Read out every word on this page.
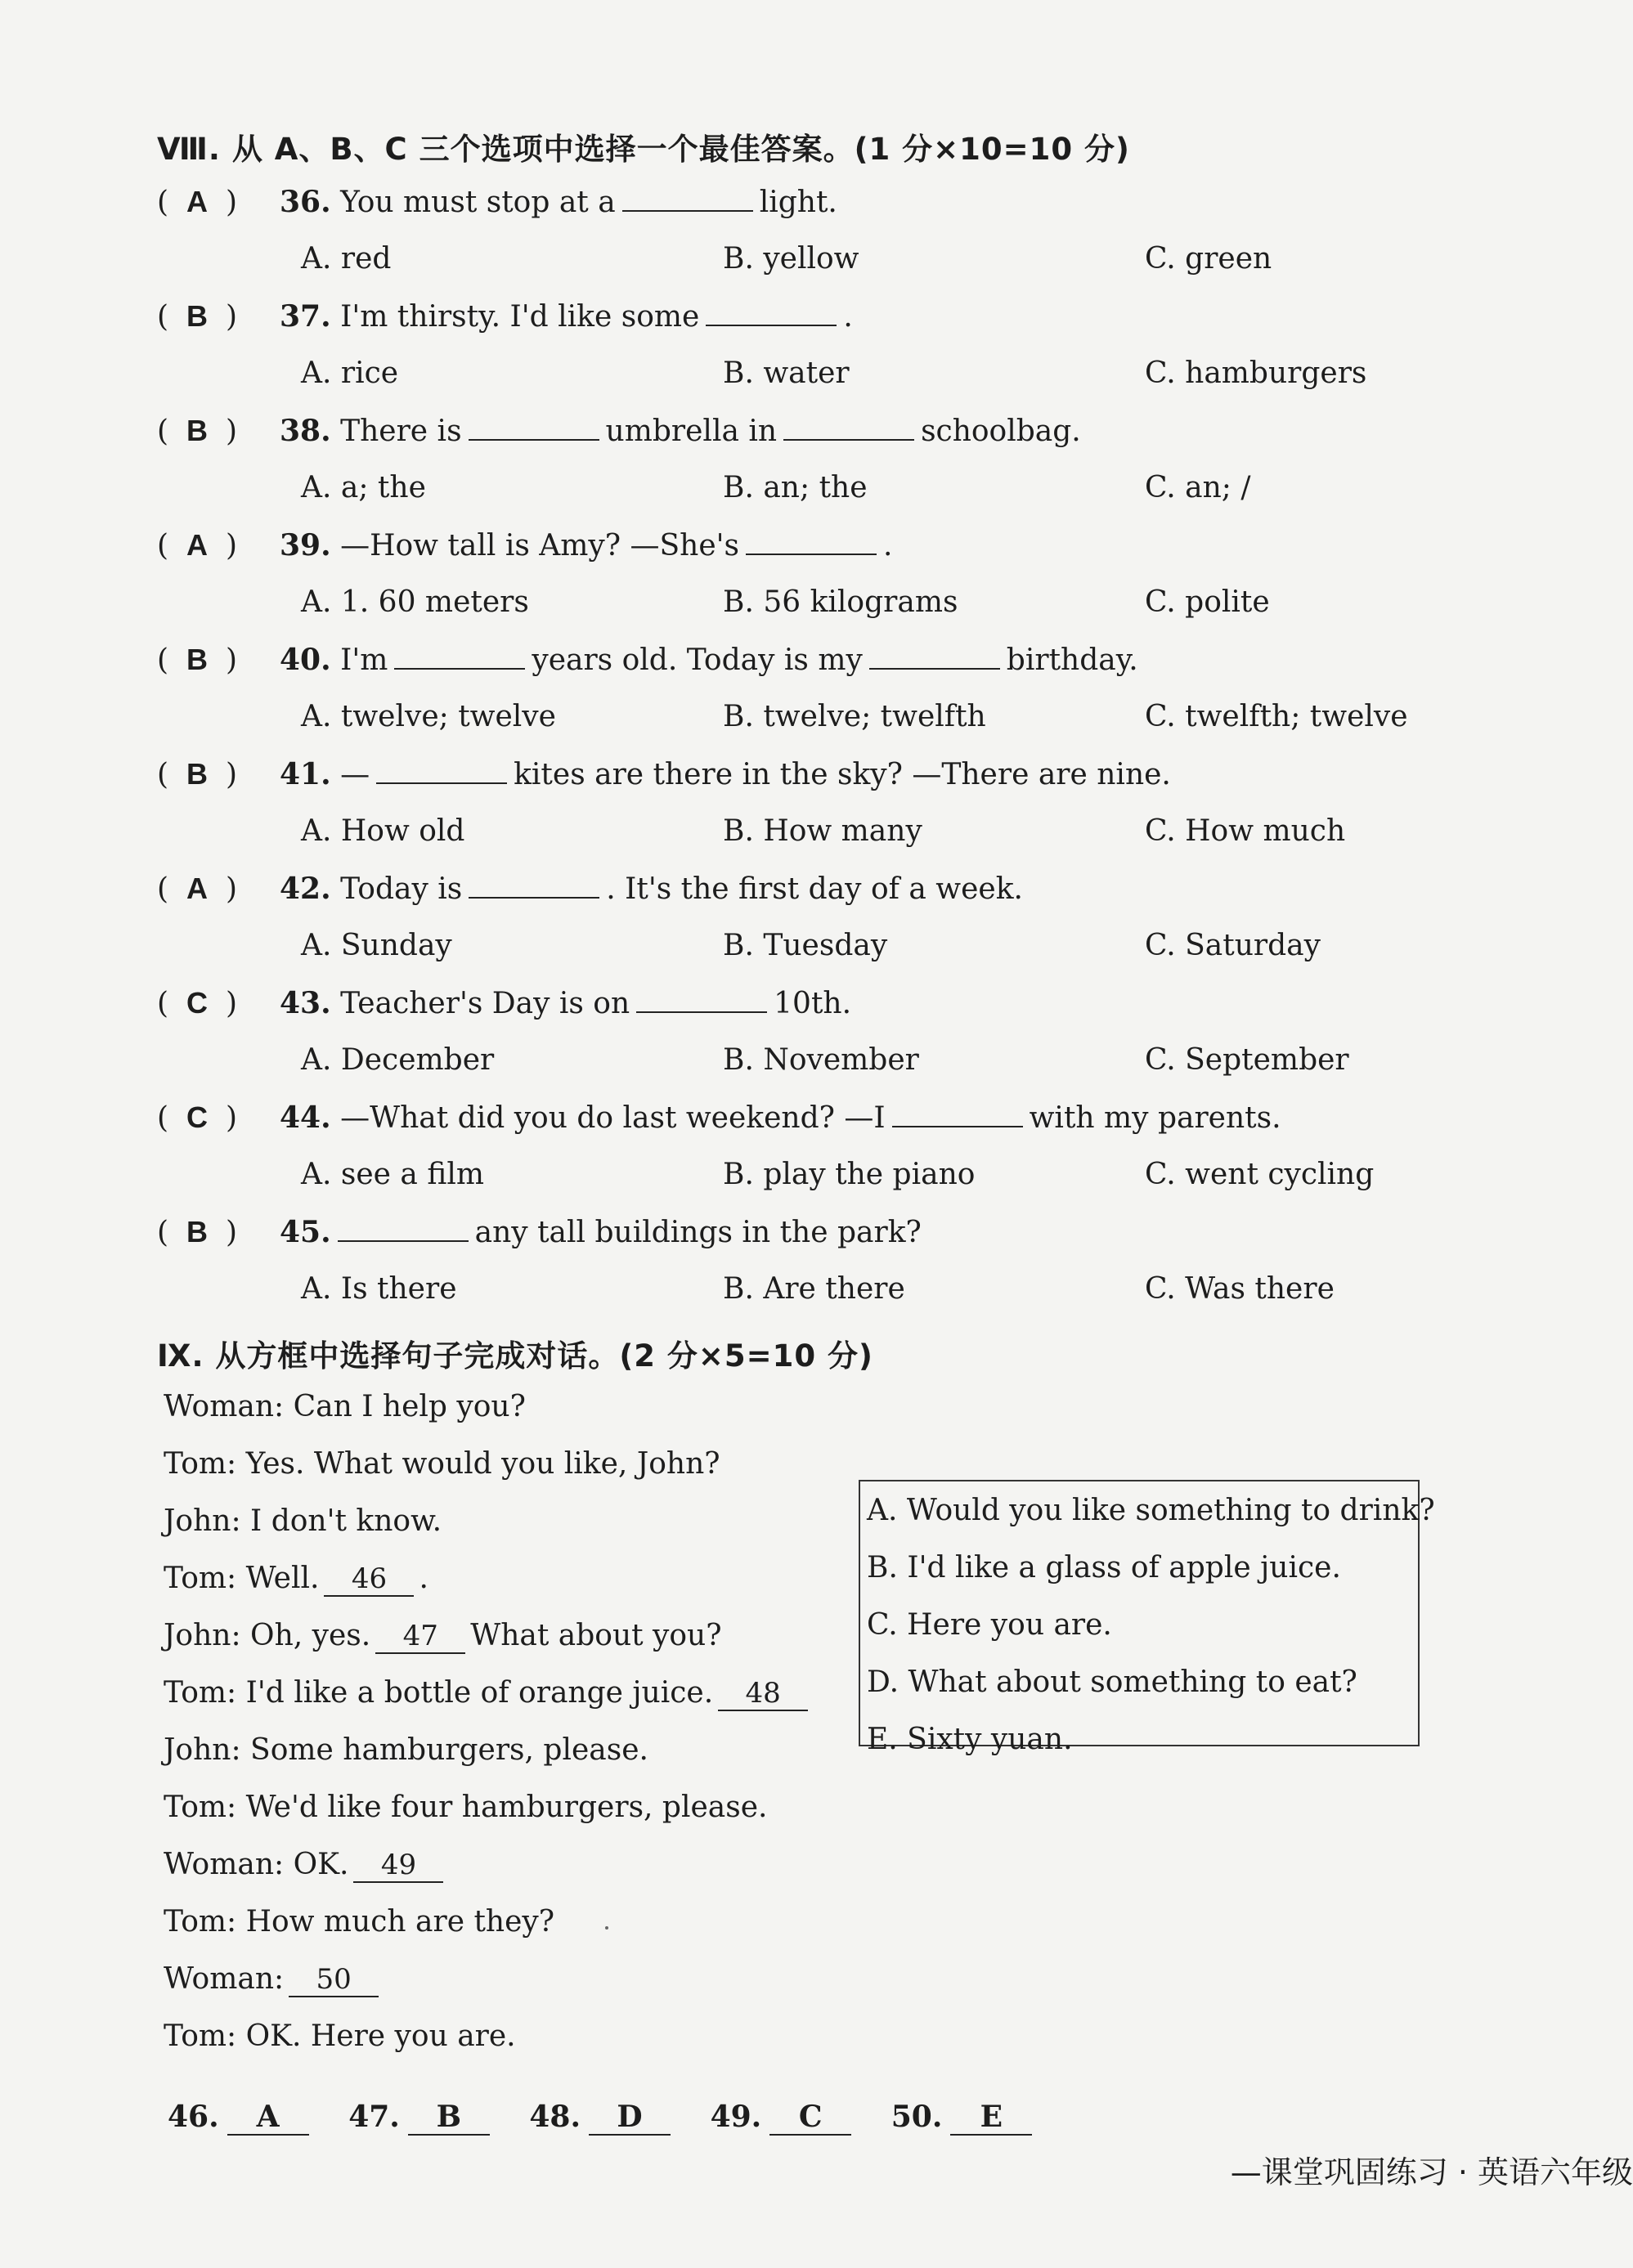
Ⅷ. 从 A、B、C 三个选项中选择一个最佳答案。(1 分×10=10 分)
( A ) 36. You must stop at a	light.
A. red	B. yellow	C. green
( B ) 37. I'm thirsty. I'd like some	.
A. rice	B. water	C. hamburgers
( B ) 38. There is	umbrella in	schoolbag.
A. a; the	B. an; the	C. an; /
( A ) 39. —How tall is Amy? —She's	.
A. 1. 60 meters	B. 56 kilograms	C. polite
( B ) 40. I'm	years old. Today is my	birthday.
A. twelve; twelve	B. twelve; twelfth	C. twelfth; twelve
( B ) 41. —	kites are there in the sky? —There are nine.
A. How old	B. How many	C. How much
( A ) 42. Today is	. It's the first day of a week.
A. Sunday	B. Tuesday	C. Saturday
( C ) 43. Teacher's Day is on	10th.
A. December	B. November	C. September
( C ) 44. —What did you do last weekend? —I	with my parents.
A. see a film	B. play the piano	C. went cycling
( B ) 45.	any tall buildings in the park?
A. Is there	B. Are there	C. Was there
Ⅸ. 从方框中选择句子完成对话。(2 分×5=10 分)
Woman: Can I help you?
Tom: Yes. What would you like, John?
John: I don't know.
Tom: Well. 46 .
John: Oh, yes. 47 What about you?
Tom: I'd like a bottle of orange juice. 48
John: Some hamburgers, please.
Tom: We'd like four hamburgers, please.
Woman: OK. 49
Tom: How much are they?
Woman: 50
Tom: OK. Here you are.
A. Would you like something to drink?
B. I'd like a glass of apple juice.
C. Here you are.
D. What about something to eat?
E. Sixty yuan.
46. A 47. B 48. D 49. C 50. E
—课堂巩固练习 · 英语六年级
